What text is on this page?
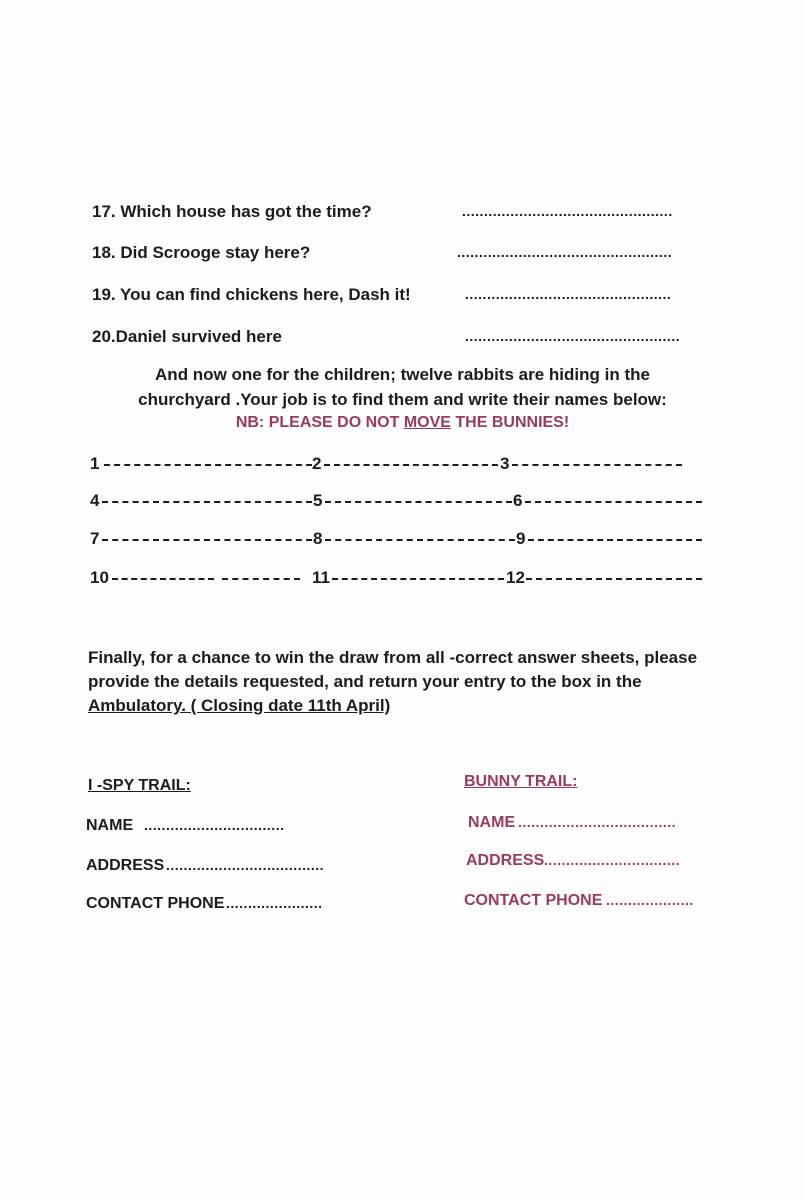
17. Which house has got the time?	................................................
18. Did Scrooge stay here?	.................................................
19. You can find chickens here, Dash it!	...............................................
20.Daniel survived here	.................................................
And now one for the children; twelve rabbits are hiding in the
churchyard .Your job is to find them and write their names below:
NB: PLEASE DO NOT MOVE THE BUNNIES!
1	2	3
4	5	6
7	8	9
10	11	12
Finally, for a chance to win the draw from all -correct answer sheets, please
provide the details requested, and return your entry to the box in the
Ambulatory. ( Closing date 11th April)
I -SPY TRAIL:
NAME ................................
ADDRESS ....................................
CONTACT PHONE ......................
BUNNY TRAIL:
NAME ....................................
ADDRESS ...............................
CONTACT PHONE ....................
